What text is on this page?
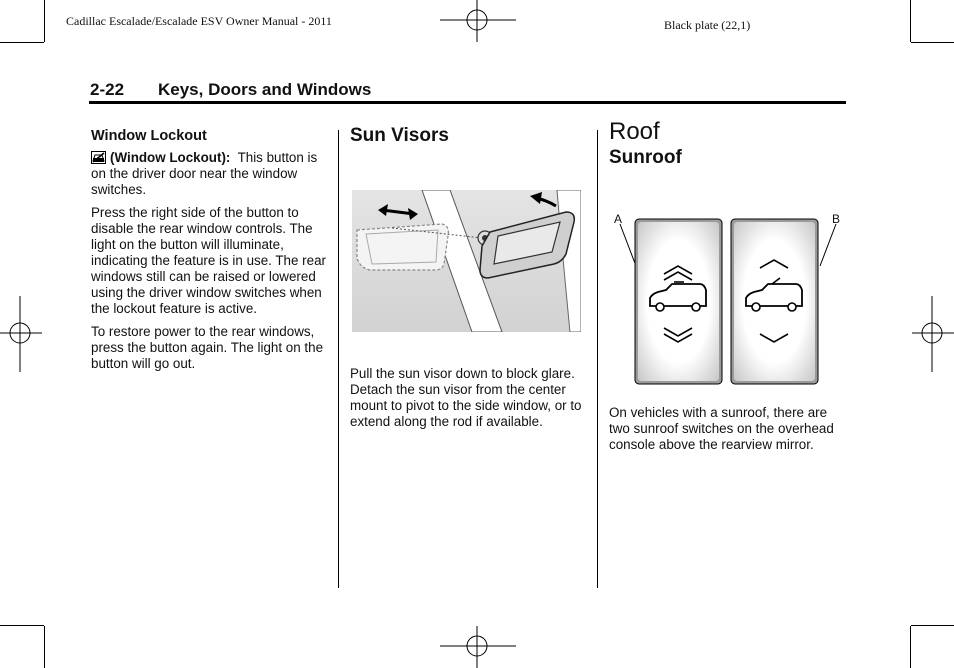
Cadillac Escalade/Escalade ESV Owner Manual - 2011	Black plate (22,1)
2-22 Keys, Doors and Windows
Window Lockout

(Window Lockout): This button is on the driver door near the window switches.

Press the right side of the button to disable the rear window controls. The light on the button will illuminate, indicating the feature is in use. The rear windows still can be raised or lowered using the driver window switches when the lockout feature is active.

To restore power to the rear windows, press the button again. The light on the button will go out.

Sun Visors

Pull the sun visor down to block glare. Detach the sun visor from the center mount to pivot to the side window, or to extend along the rod if available.

Roof
Sunroof
A	B

On vehicles with a sunroof, there are two sunroof switches on the overhead console above the rearview mirror.
